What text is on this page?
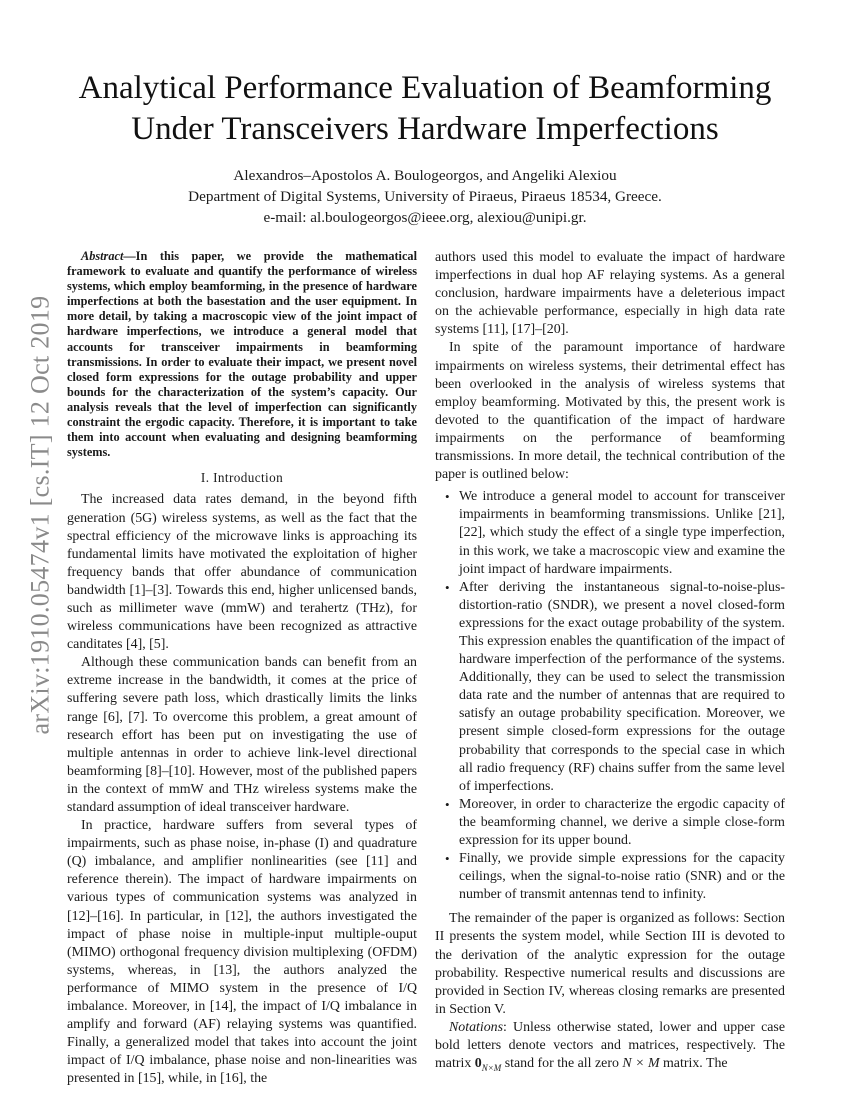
arXiv:1910.05474v1 [cs.IT] 12 Oct 2019
Analytical Performance Evaluation of Beamforming
Under Transceivers Hardware Imperfections
Alexandros–Apostolos A. Boulogeorgos, and Angeliki Alexiou
Department of Digital Systems, University of Piraeus, Piraeus 18534, Greece.
e-mail: al.boulogeorgos@ieee.org, alexiou@unipi.gr.

Abstract—In this paper, we provide the mathematical framework to evaluate and quantify the performance of wireless systems, which employ beamforming, in the presence of hardware imperfections at both the basestation and the user equipment. In more detail, by taking a macroscopic view of the joint impact of hardware imperfections, we introduce a general model that accounts for transceiver impairments in beamforming transmissions. In order to evaluate their impact, we present novel closed form expressions for the outage probability and upper bounds for the characterization of the system’s capacity. Our analysis reveals that the level of imperfection can significantly constraint the ergodic capacity. Therefore, it is important to take them into account when evaluating and designing beamforming systems.

I. Introduction

The increased data rates demand, in the beyond fifth generation (5G) wireless systems, as well as the fact that the spectral efficiency of the microwave links is approaching its fundamental limits have motivated the exploitation of higher frequency bands that offer abundance of communication bandwidth [1]–[3]. Towards this end, higher unlicensed bands, such as millimeter wave (mmW) and terahertz (THz), for wireless communications have been recognized as attractive canditates [4], [5].

Although these communication bands can benefit from an extreme increase in the bandwidth, it comes at the price of suffering severe path loss, which drastically limits the links range [6], [7]. To overcome this problem, a great amount of research effort has been put on investigating the use of multiple antennas in order to achieve link-level directional beamforming [8]–[10]. However, most of the published papers in the context of mmW and THz wireless systems make the standard assumption of ideal transceiver hardware.

In practice, hardware suffers from several types of impairments, such as phase noise, in-phase (I) and quadrature (Q) imbalance, and amplifier nonlinearities (see [11] and reference therein). The impact of hardware impairments on various types of communication systems was analyzed in [12]–[16]. In particular, in [12], the authors investigated the impact of phase noise in multiple-input multiple-ouput (MIMO) orthogonal frequency division multiplexing (OFDM) systems, whereas, in [13], the authors analyzed the performance of MIMO system in the presence of I/Q imbalance. Moreover, in [14], the impact of I/Q imbalance in amplify and forward (AF) relaying systems was quantified. Finally, a generalized model that takes into account the joint impact of I/Q imbalance, phase noise and non-linearities was presented in [15], while, in [16], the

authors used this model to evaluate the impact of hardware imperfections in dual hop AF relaying systems. As a general conclusion, hardware impairments have a deleterious impact on the achievable performance, especially in high data rate systems [11], [17]–[20].

In spite of the paramount importance of hardware impairments on wireless systems, their detrimental effect has been overlooked in the analysis of wireless systems that employ beamforming. Motivated by this, the present work is devoted to the quantification of the impact of hardware impairments on the performance of beamforming transmissions. In more detail, the technical contribution of the paper is outlined below:

• We introduce a general model to account for transceiver impairments in beamforming transmissions. Unlike [21], [22], which study the effect of a single type imperfection, in this work, we take a macroscopic view and examine the joint impact of hardware impairments.
• After deriving the instantaneous signal-to-noise-plus-distortion-ratio (SNDR), we present a novel closed-form expressions for the exact outage probability of the system. This expression enables the quantification of the impact of hardware imperfection of the performance of the systems. Additionally, they can be used to select the transmission data rate and the number of antennas that are required to satisfy an outage probability specification. Moreover, we present simple closed-form expressions for the outage probability that corresponds to the special case in which all radio frequency (RF) chains suffer from the same level of imperfections.
• Moreover, in order to characterize the ergodic capacity of the beamforming channel, we derive a simple close-form expression for its upper bound.
• Finally, we provide simple expressions for the capacity ceilings, when the signal-to-noise ratio (SNR) and or the number of transmit antennas tend to infinity.

The remainder of the paper is organized as follows: Section II presents the system model, while Section III is devoted to the derivation of the analytic expression for the outage probability. Respective numerical results and discussions are provided in Section IV, whereas closing remarks are presented in Section V.

Notations: Unless otherwise stated, lower and upper case bold letters denote vectors and matrices, respectively. The matrix $0_{N\times M}$ stand for the all zero N × M matrix. The
